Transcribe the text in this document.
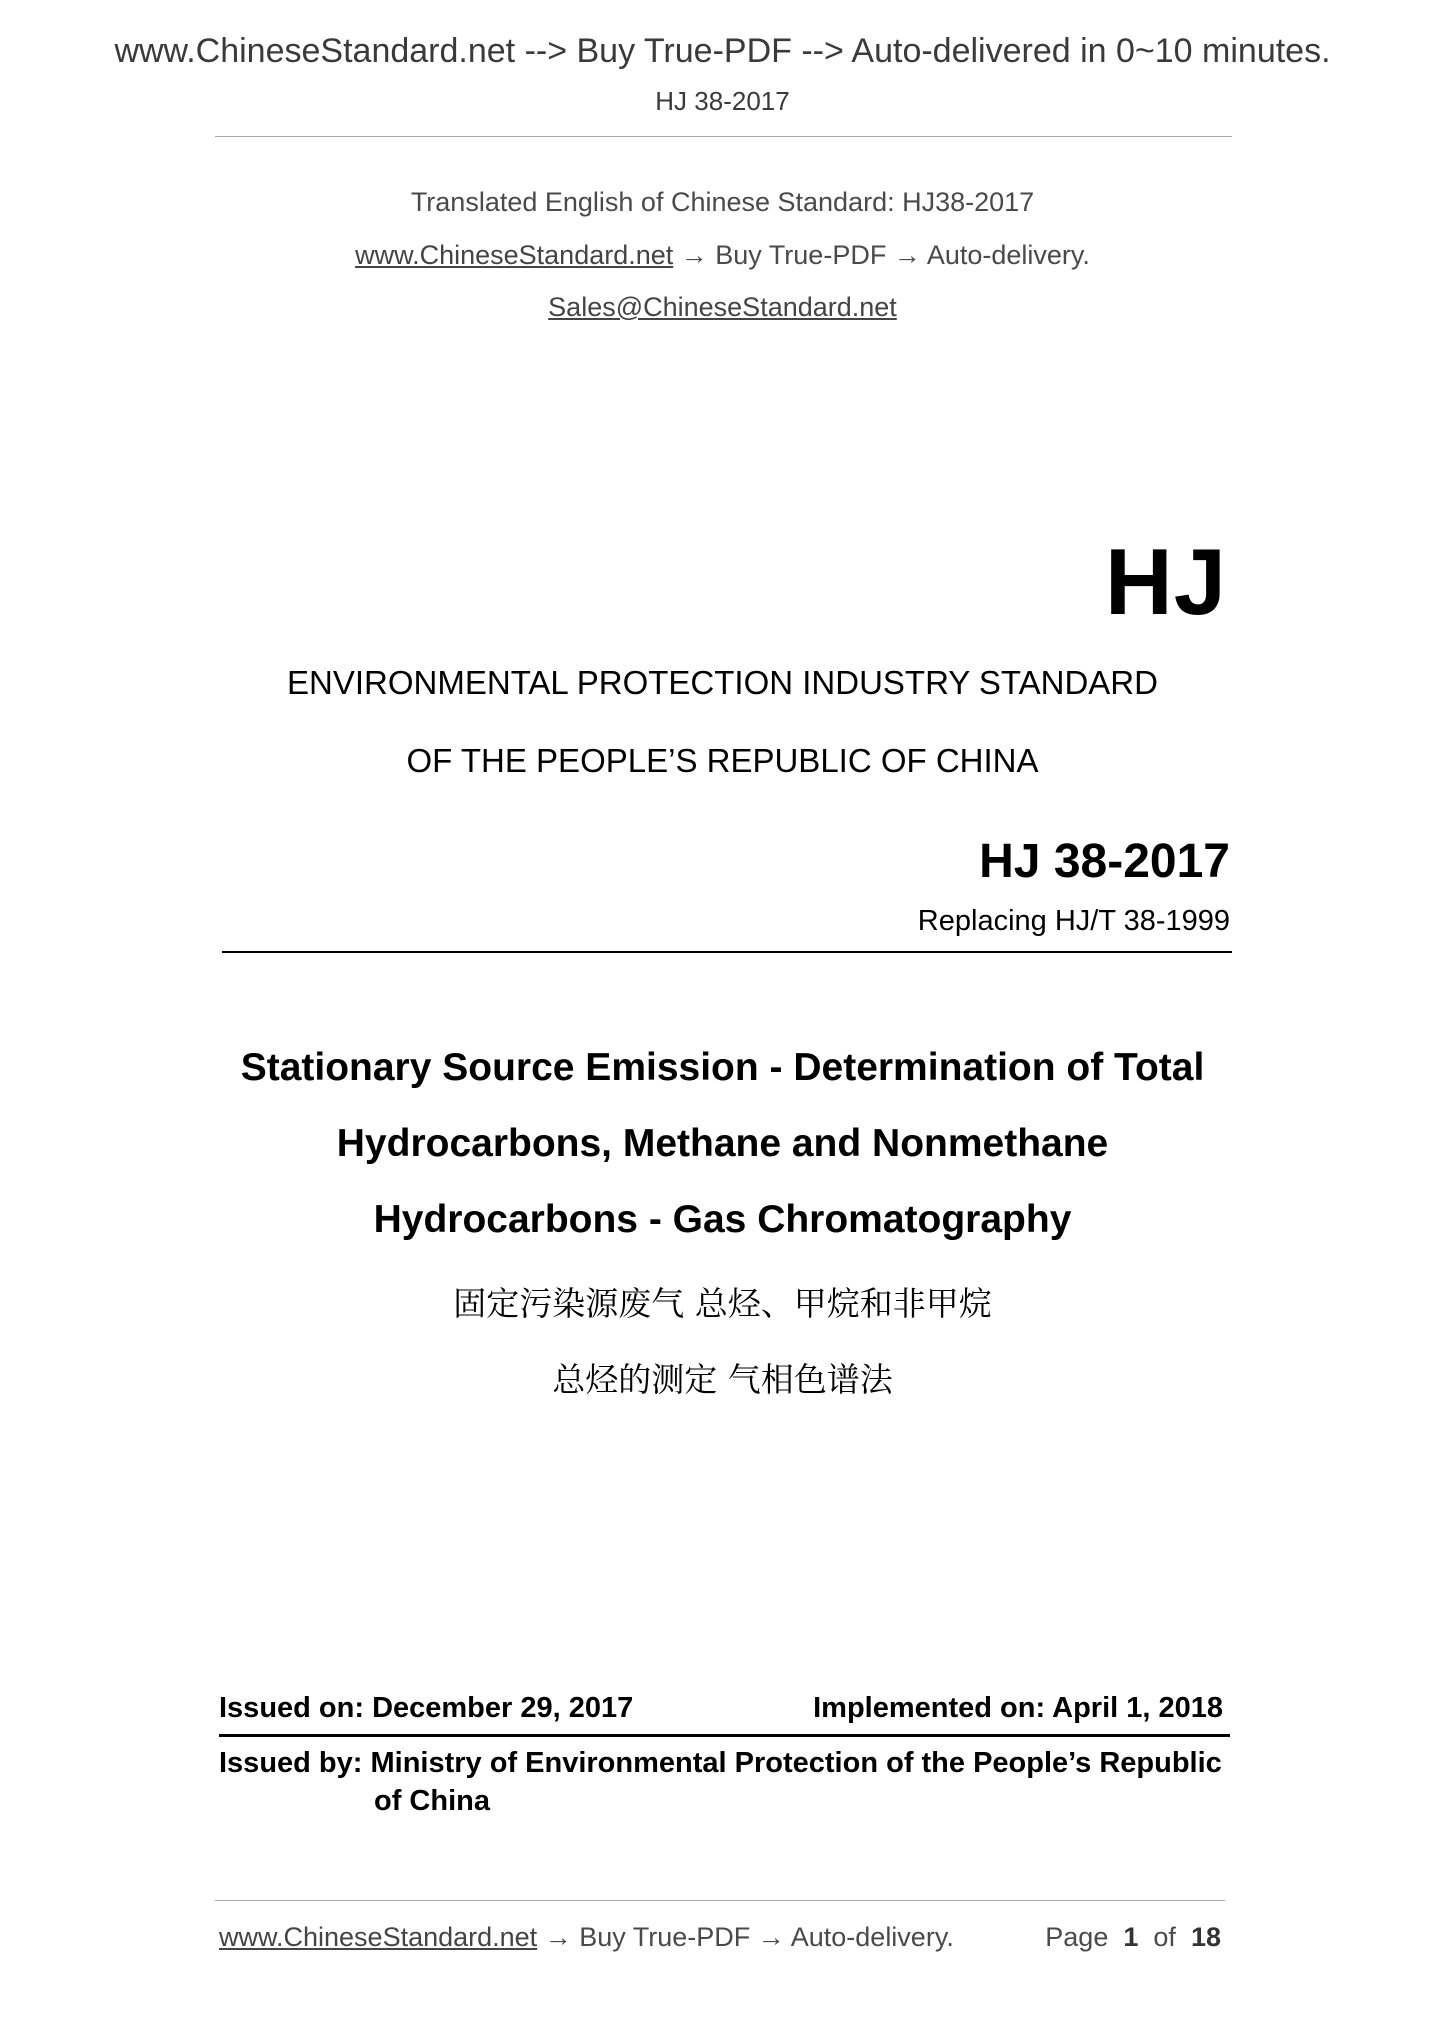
www.ChineseStandard.net --> Buy True-PDF --> Auto-delivered in 0~10 minutes.
HJ 38-2017
Translated English of Chinese Standard: HJ38-2017
www.ChineseStandard.net → Buy True-PDF → Auto-delivery.
Sales@ChineseStandard.net
HJ
ENVIRONMENTAL PROTECTION INDUSTRY STANDARD
OF THE PEOPLE’S REPUBLIC OF CHINA
HJ 38-2017
Replacing HJ/T 38-1999
Stationary Source Emission - Determination of Total
Hydrocarbons, Methane and Nonmethane
Hydrocarbons - Gas Chromatography
固定污染源废气 总烃、甲烷和非甲烷
总烃的测定 气相色谱法
Issued on: December 29, 2017	Implemented on: April 1, 2018
Issued by: Ministry of Environmental Protection of the People’s Republic
of China
www.ChineseStandard.net → Buy True-PDF → Auto-delivery.	Page 1 of 18
